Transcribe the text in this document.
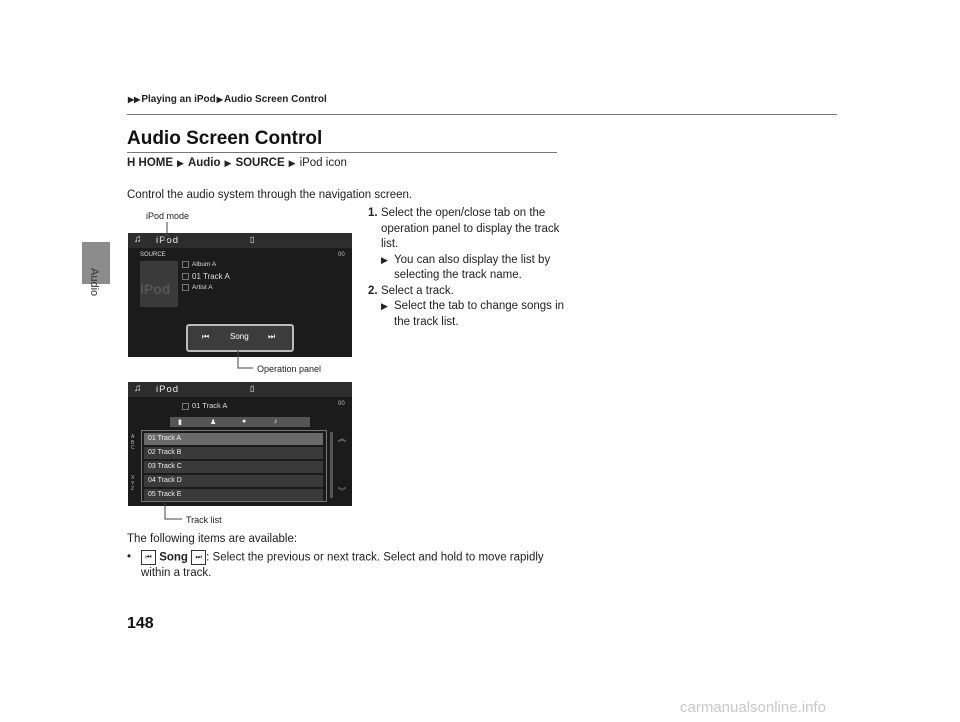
Audio
▶▶Playing an iPod▶Audio Screen Control
Audio Screen Control
H HOME ▶ Audio ▶ SOURCE ▶ iPod icon
Control the audio system through the navigation screen.
1. Select the open/close tab on the operation panel to display the track list.
▶ You can also display the list by selecting the track name.
2. Select a track.
▶ Select the tab to change songs in the track list.
iPod mode
♫ iPod	▯
SOURCE
iPod
Album A
01 Track A
Artist A
00
⏮	Song ⏭
Operation panel
♫ iPod	▯
01 Track A	00
▮	♟	●	♪
A
B
C
X
Y
Z
01 Track A
02 Track B
03 Track C
04 Track D
05 Track E
︽
︾
Track list
The following items are available:
•	⏮ Song ⏭ : Select the previous or next track. Select and hold to move rapidly within a track.
148
carmanualsonline.info
